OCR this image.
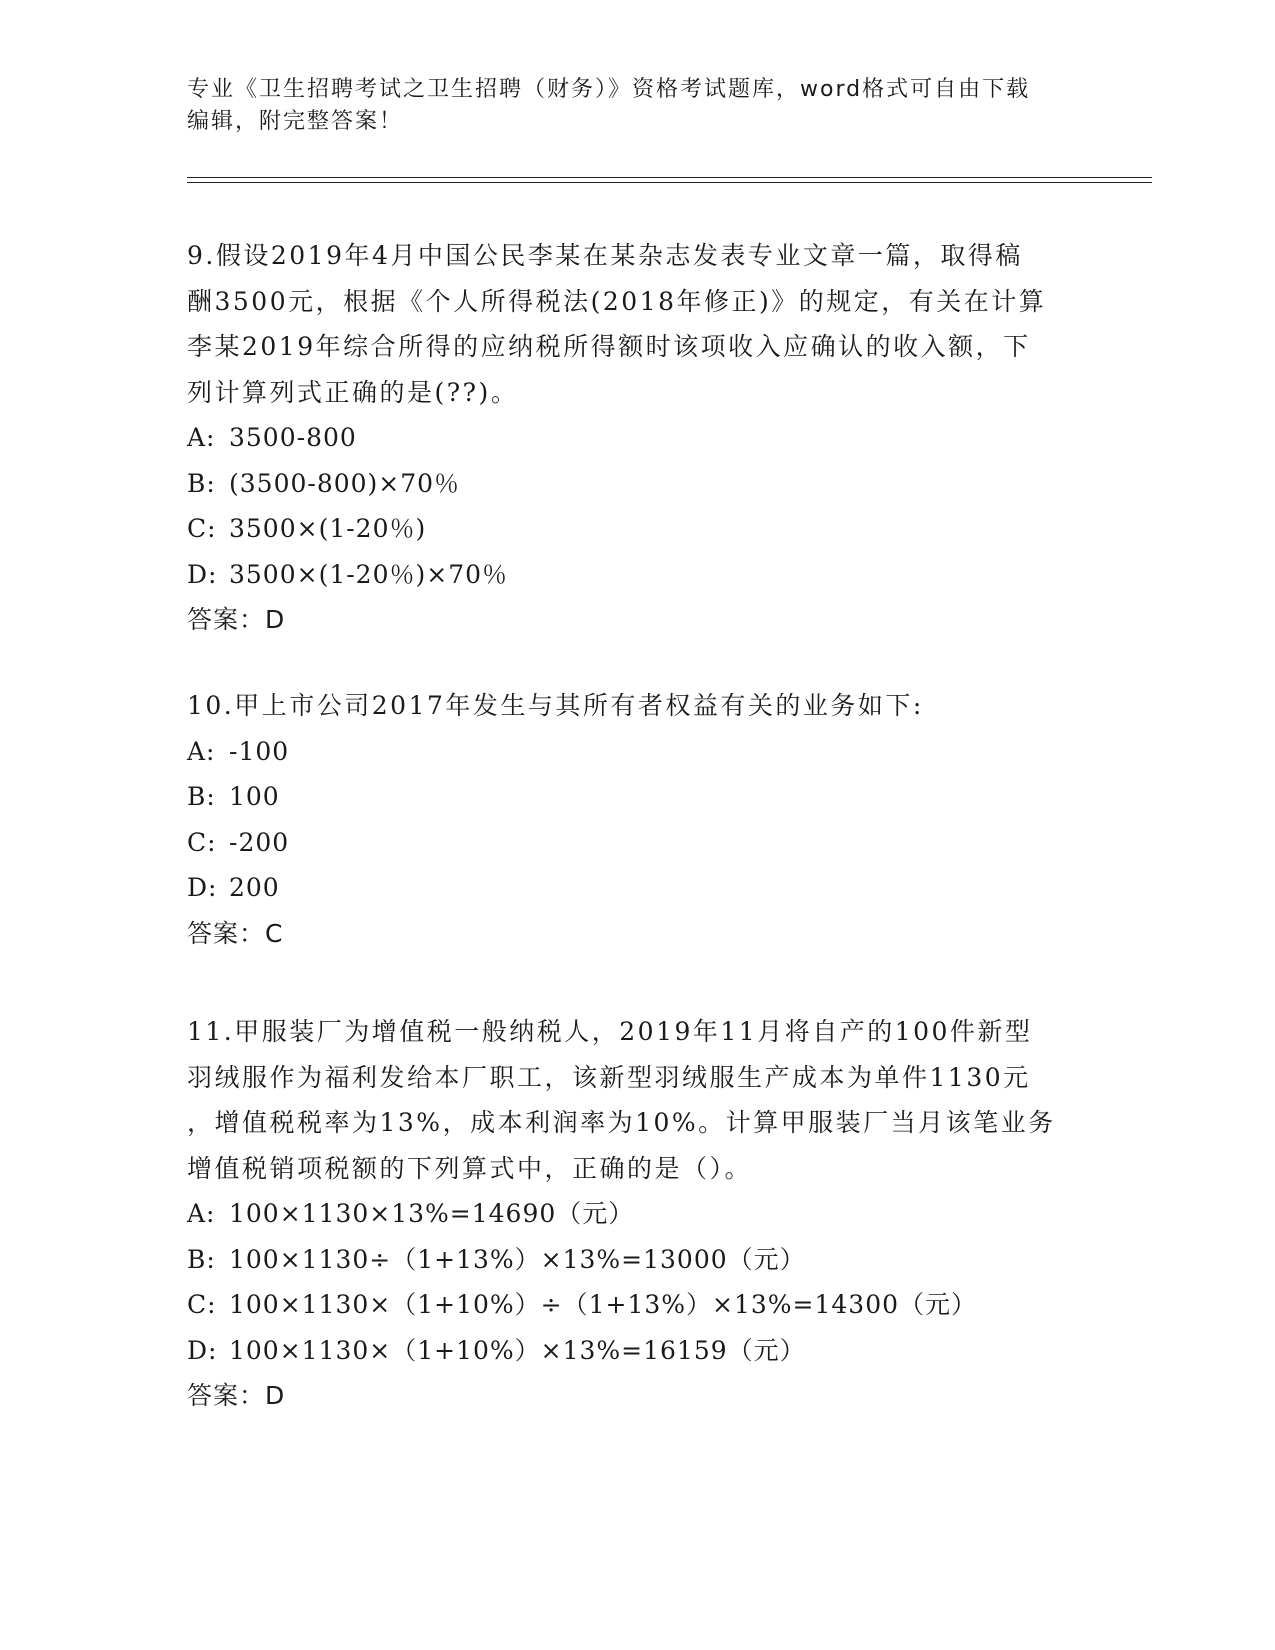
专业《卫生招聘考试之卫生招聘（财务）》资格考试题库，word格式可自由下载
编辑，附完整答案！

9.假设2019年4月中国公民李某在某杂志发表专业文章一篇，取得稿
酬3500元，根据《个人所得税法(2018年修正)》的规定，有关在计算
李某2019年综合所得的应纳税所得额时该项收入应确认的收入额，下
列计算列式正确的是(??)。

A: 3500-800
B: (3500-800)×70％
C: 3500×(1-20％)
D: 3500×(1-20％)×70％
答案：D

10.甲上市公司2017年发生与其所有者权益有关的业务如下:

A: -100
B: 100
C: -200
D: 200
答案：C

11.甲服装厂为增值税一般纳税人，2019年11月将自产的100件新型
羽绒服作为福利发给本厂职工，该新型羽绒服生产成本为单件1130元
，增值税税率为13%，成本利润率为10%。计算甲服装厂当月该笔业务
增值税销项税额的下列算式中，正确的是（）。

A: 100×1130×13%=14690（元）
B: 100×1130÷（1+13%）×13%=13000（元）
C: 100×1130×（1+10%）÷（1+13%）×13%=14300（元）
D: 100×1130×（1+10%）×13%=16159（元）
答案：D
